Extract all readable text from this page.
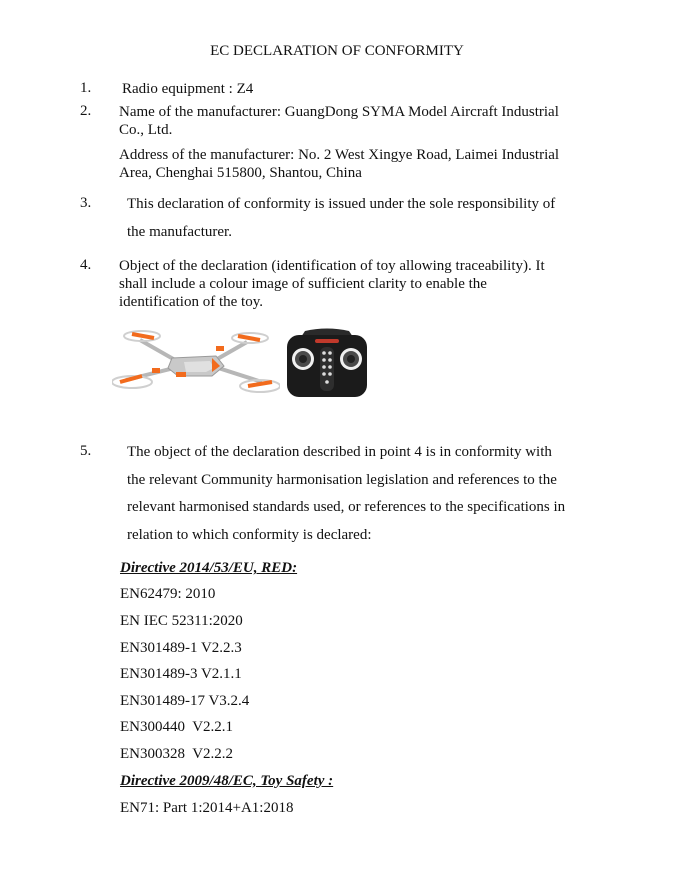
EC DECLARATION OF CONFORMITY
1. Radio equipment : Z4
2. Name of the manufacturer: GuangDong SYMA Model Aircraft Industrial
Co., Ltd.
Address of the manufacturer: No. 2 West Xingye Road, Laimei Industrial
Area, Chenghai 515800, Shantou, China
3. This declaration of conformity is issued under the sole responsibility of
the manufacturer.
4. Object of the declaration (identification of toy allowing traceability). It
shall include a colour image of sufficient clarity to enable the
identification of the toy.
5. The object of the declaration described in point 4 is in conformity with
the relevant Community harmonisation legislation and references to the
relevant harmonised standards used, or references to the specifications in
relation to which conformity is declared:
Directive 2014/53/EU, RED:
EN62479: 2010
EN IEC 52311:2020
EN301489-1 V2.2.3
EN301489-3 V2.1.1
EN301489-17 V3.2.4
EN300440  V2.2.1
EN300328  V2.2.2
Directive 2009/48/EC, Toy Safety :
EN71: Part 1:2014+A1:2018
